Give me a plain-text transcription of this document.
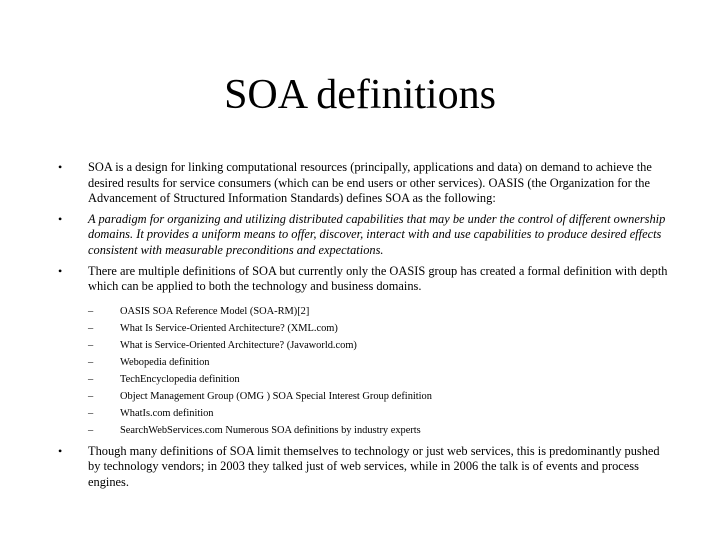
SOA definitions
• SOA is a design for linking computational resources (principally, applications and data) on demand to achieve the desired results for service consumers (which can be end users or other services). OASIS (the Organization for the Advancement of Structured Information Standards) defines SOA as the following:
• A paradigm for organizing and utilizing distributed capabilities that may be under the control of different ownership domains. It provides a uniform means to offer, discover, interact with and use capabilities to produce desired effects consistent with measurable preconditions and expectations.
• There are multiple definitions of SOA but currently only the OASIS group has created a formal definition with depth which can be applied to both the technology and business domains.
–	OASIS SOA Reference Model (SOA-RM)[2]
–	What Is Service-Oriented Architecture? (XML.com)
–	What is Service-Oriented Architecture? (Javaworld.com)
–	Webopedia definition
–	TechEncyclopedia definition
–	Object Management Group (OMG ) SOA Special Interest Group definition
–	WhatIs.com definition
–	SearchWebServices.com Numerous SOA definitions by industry experts
• Though many definitions of SOA limit themselves to technology or just web services, this is predominantly pushed by technology vendors; in 2003 they talked just of web services, while in 2006 the talk is of events and process engines.
